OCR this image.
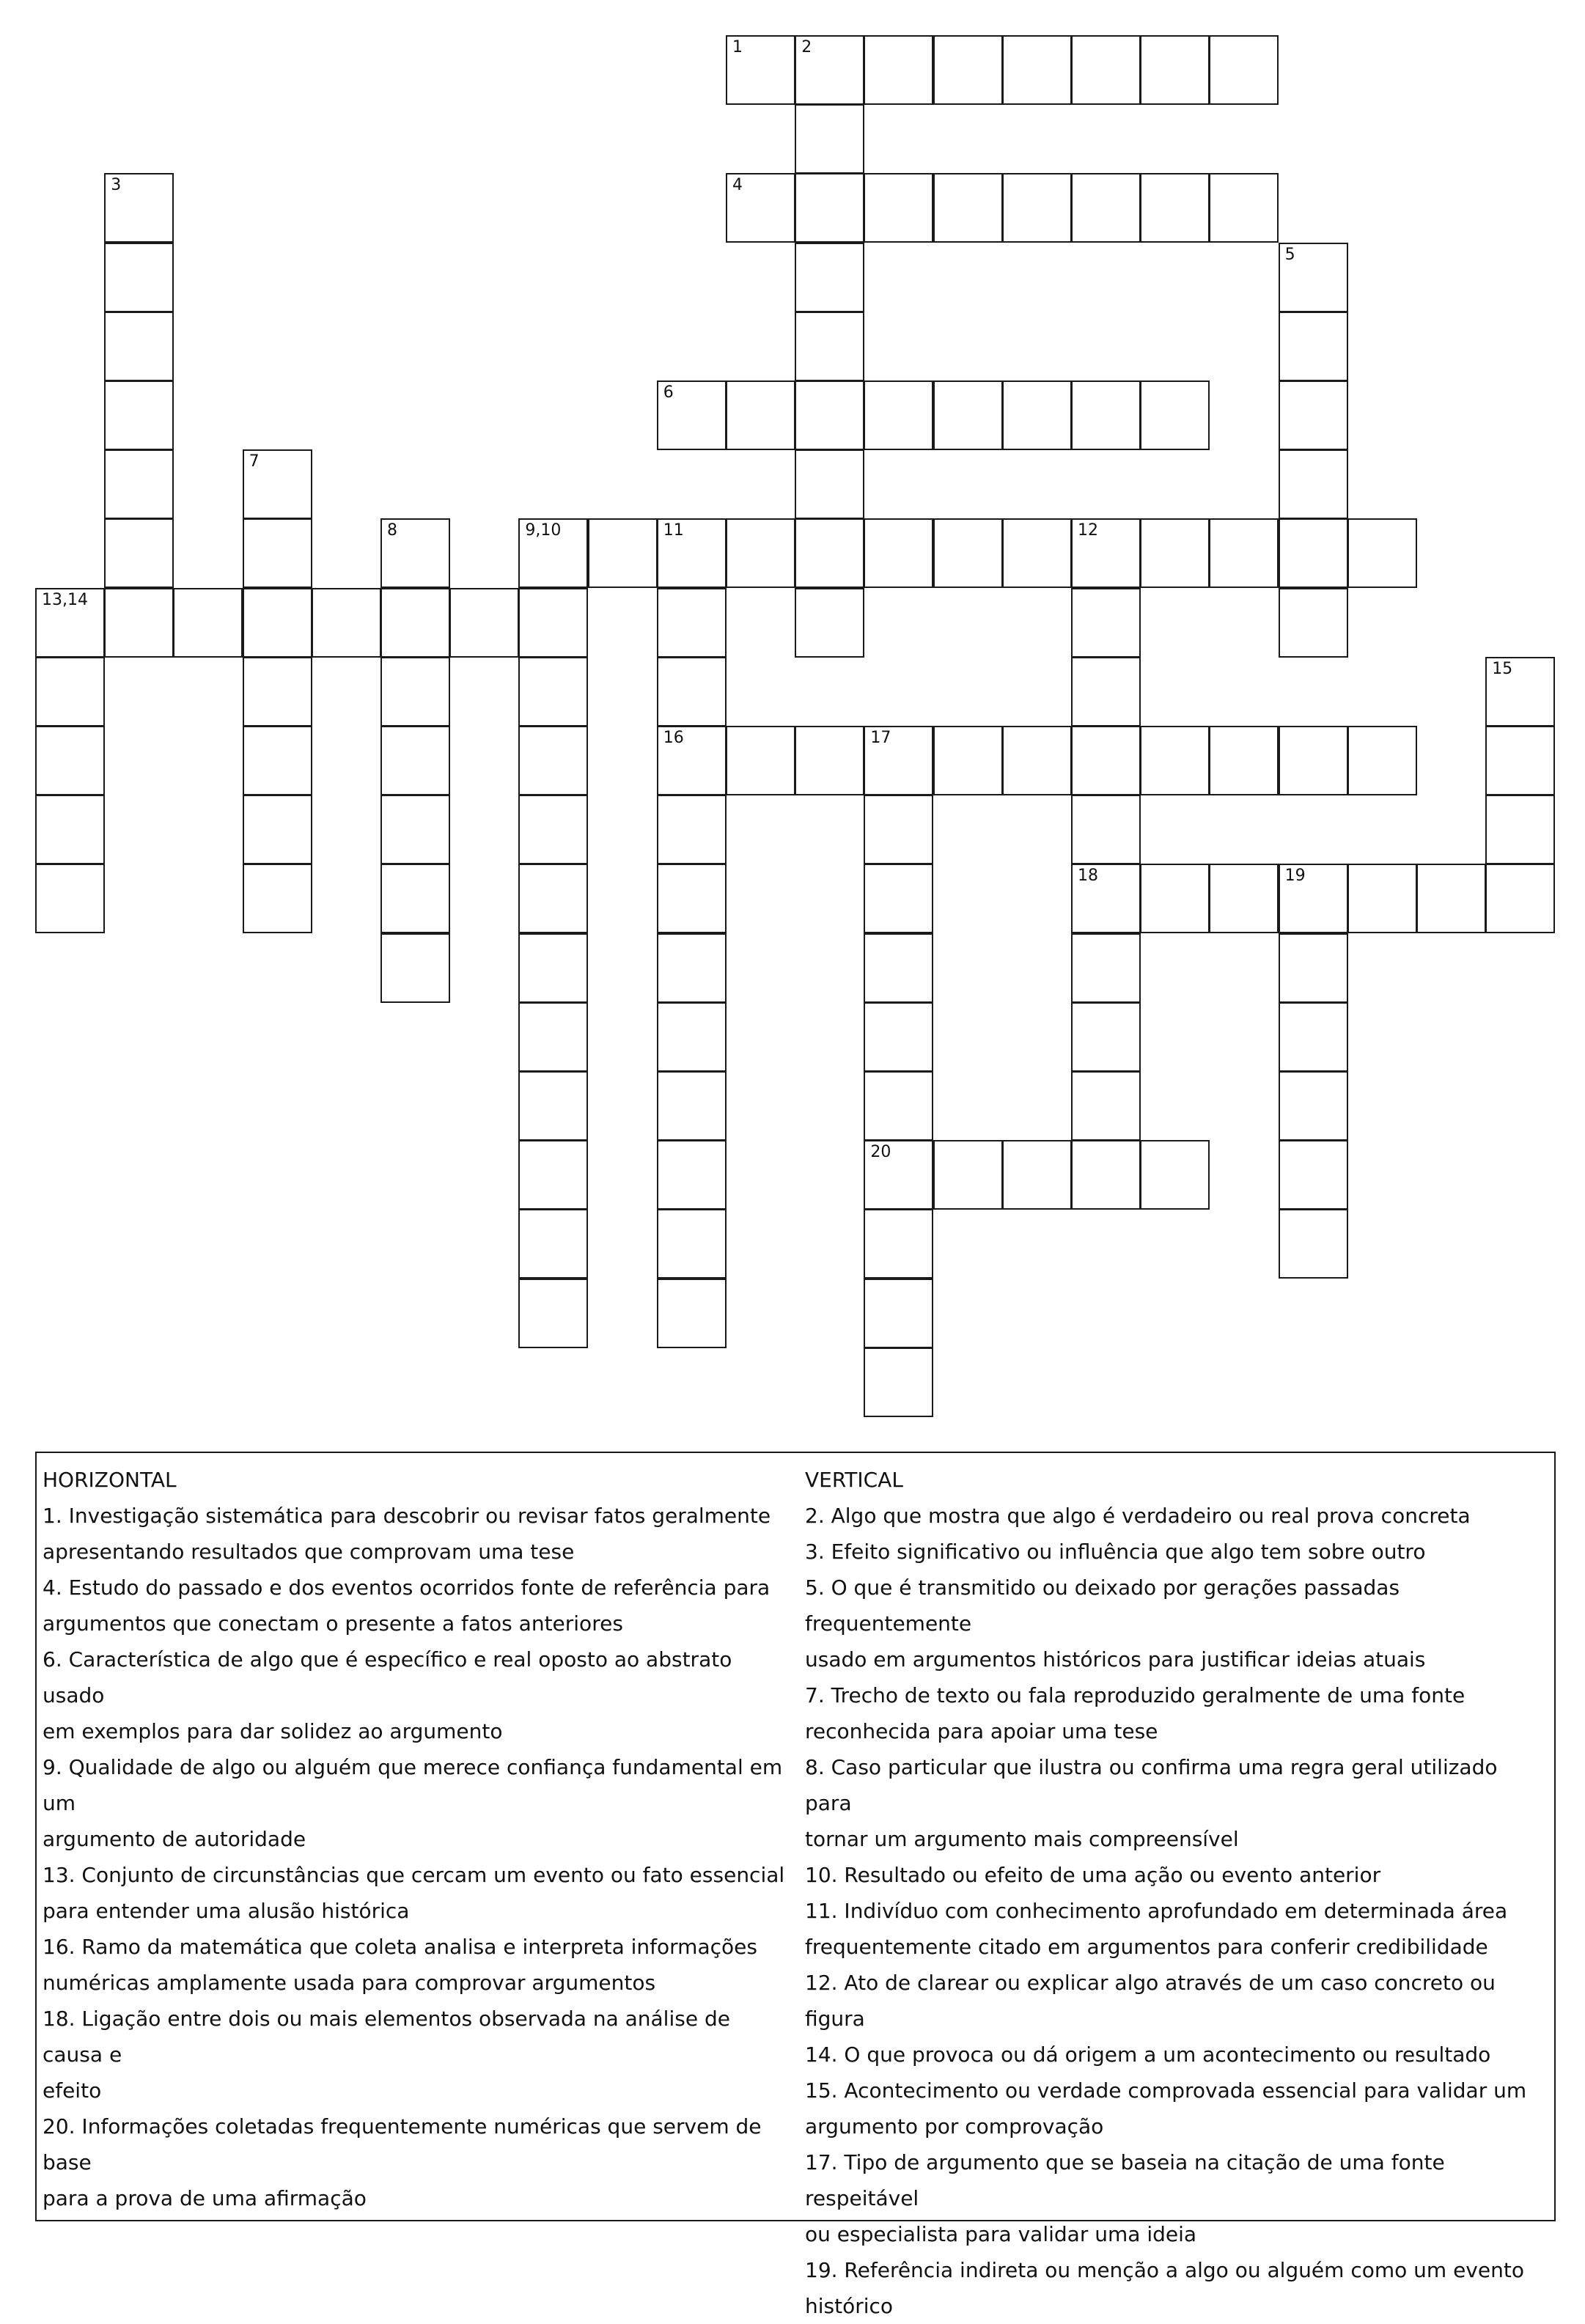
1	2
3	4
5
6
7
8	9,10	11	12
16
18
13,14
15
17
20
19
HORIZONTAL
1. Investigação sistemática para descobrir ou revisar fatos geralmente
apresentando resultados que comprovam uma tese
4. Estudo do passado e dos eventos ocorridos fonte de referência para
argumentos que conectam o presente a fatos anteriores
6. Característica de algo que é específico e real oposto ao abstrato usado
em exemplos para dar solidez ao argumento
9. Qualidade de algo ou alguém que merece confiança fundamental em um
argumento de autoridade
13. Conjunto de circunstâncias que cercam um evento ou fato essencial
para entender uma alusão histórica
16. Ramo da matemática que coleta analisa e interpreta informações
numéricas amplamente usada para comprovar argumentos
18. Ligação entre dois ou mais elementos observada na análise de causa e
efeito
20. Informações coletadas frequentemente numéricas que servem de base
para a prova de uma afirmação
VERTICAL
2. Algo que mostra que algo é verdadeiro ou real prova concreta
3. Efeito significativo ou influência que algo tem sobre outro
5. O que é transmitido ou deixado por gerações passadas frequentemente
usado em argumentos históricos para justificar ideias atuais
7. Trecho de texto ou fala reproduzido geralmente de uma fonte
reconhecida para apoiar uma tese
8. Caso particular que ilustra ou confirma uma regra geral utilizado para
tornar um argumento mais compreensível
10. Resultado ou efeito de uma ação ou evento anterior
11. Indivíduo com conhecimento aprofundado em determinada área
frequentemente citado em argumentos para conferir credibilidade
12. Ato de clarear ou explicar algo através de um caso concreto ou figura
14. O que provoca ou dá origem a um acontecimento ou resultado
15. Acontecimento ou verdade comprovada essencial para validar um
argumento por comprovação
17. Tipo de argumento que se baseia na citação de uma fonte respeitável
ou especialista para validar uma ideia
19. Referência indireta ou menção a algo ou alguém como um evento
histórico
